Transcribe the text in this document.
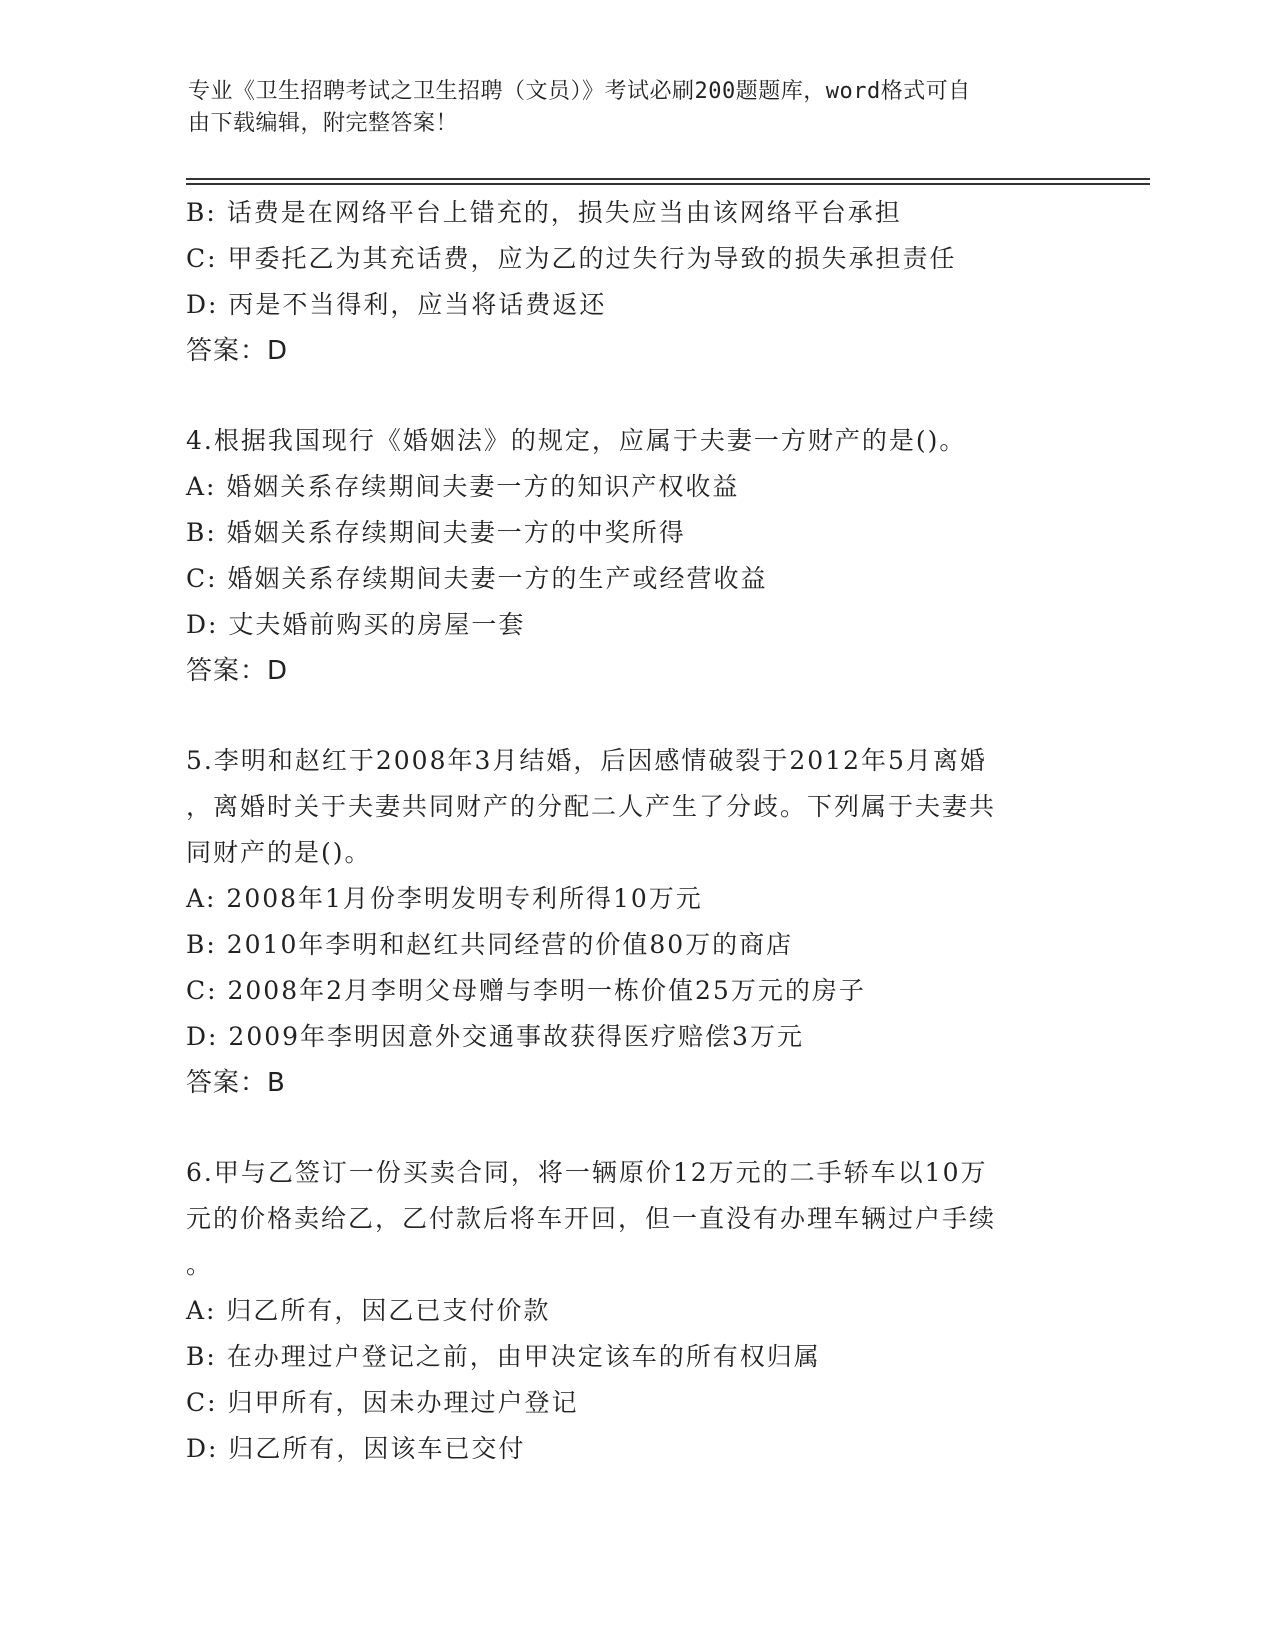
专业《卫生招聘考试之卫生招聘（文员）》考试必刷200题题库，word格式可自
由下载编辑，附完整答案！
B: 话费是在网络平台上错充的，损失应当由该网络平台承担
C: 甲委托乙为其充话费，应为乙的过失行为导致的损失承担责任
D: 丙是不当得利，应当将话费返还
答案：D
4.根据我国现行《婚姻法》的规定，应属于夫妻一方财产的是()。
A: 婚姻关系存续期间夫妻一方的知识产权收益
B: 婚姻关系存续期间夫妻一方的中奖所得
C: 婚姻关系存续期间夫妻一方的生产或经营收益
D: 丈夫婚前购买的房屋一套
答案：D
5.李明和赵红于2008年3月结婚，后因感情破裂于2012年5月离婚
，离婚时关于夫妻共同财产的分配二人产生了分歧。下列属于夫妻共
同财产的是()。
A: 2008年1月份李明发明专利所得10万元
B: 2010年李明和赵红共同经营的价值80万的商店
C: 2008年2月李明父母赠与李明一栋价值25万元的房子
D: 2009年李明因意外交通事故获得医疗赔偿3万元
答案：B
6.甲与乙签订一份买卖合同，将一辆原价12万元的二手轿车以10万
元的价格卖给乙，乙付款后将车开回，但一直没有办理车辆过户手续
。
A: 归乙所有，因乙已支付价款
B: 在办理过户登记之前，由甲决定该车的所有权归属
C: 归甲所有，因未办理过户登记
D: 归乙所有，因该车已交付
